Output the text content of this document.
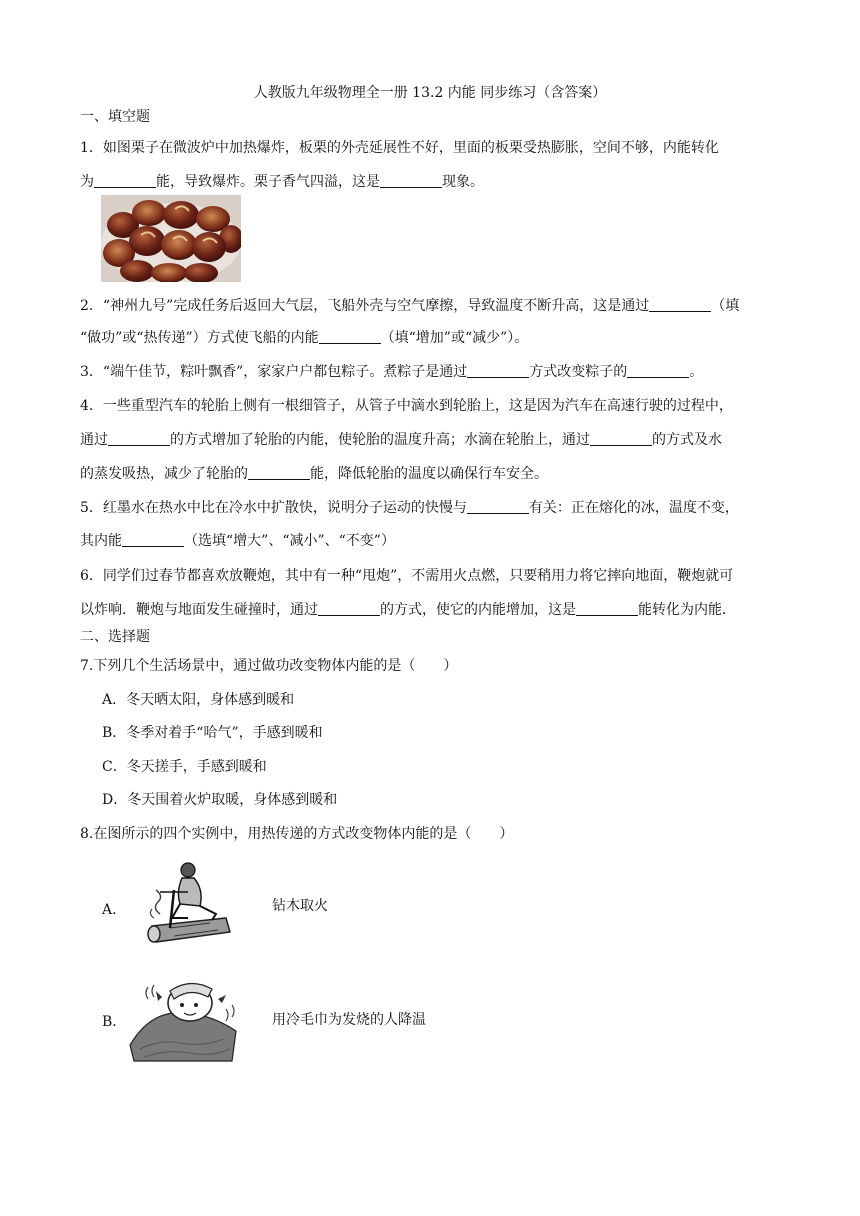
人教版九年级物理全一册 13.2 内能 同步练习（含答案）
一、填空题
1．如图栗子在微波炉中加热爆炸，板栗的外壳延展性不好，里面的板栗受热膨胀，空间不够，内能转化
为	能，导致爆炸。栗子香气四溢，这是	现象。
2．“神州九号”完成任务后返回大气层，飞船外壳与空气摩擦，导致温度不断升高，这是通过	（填
“做功”或“热传递”）方式使飞船的内能	（填“增加”或“减少”）。
3．“端午佳节，粽叶飘香”，家家户户都包粽子。煮粽子是通过	方式改变粽子的	。
4．一些重型汽车的轮胎上侧有一根细管子，从管子中滴水到轮胎上，这是因为汽车在高速行驶的过程中，
通过	的方式增加了轮胎的内能，使轮胎的温度升高；水滴在轮胎上，通过	的方式及水
的蒸发吸热，减少了轮胎的	能，降低轮胎的温度以确保行车安全。
5．红墨水在热水中比在冷水中扩散快，说明分子运动的快慢与	有关：正在熔化的冰，温度不变，
其内能	（选填“增大”、“减小”、“不变”）
6．同学们过春节都喜欢放鞭炮，其中有一种“甩炮”，不需用火点燃，只要稍用力将它摔向地面，鞭炮就可
以炸响．鞭炮与地面发生碰撞时，通过	的方式，使它的内能增加，这是	能转化为内能．
二、选择题
7.下列几个生活场景中，通过做功改变物体内能的是（　　）
A．冬天晒太阳，身体感到暖和
B．冬季对着手“哈气”，手感到暖和
C．冬天搓手，手感到暖和
D．冬天围着火炉取暖，身体感到暖和
8.在图所示的四个实例中，用热传递的方式改变物体内能的是（　　）
A．	钻木取火
B．	用冷毛巾为发烧的人降温
